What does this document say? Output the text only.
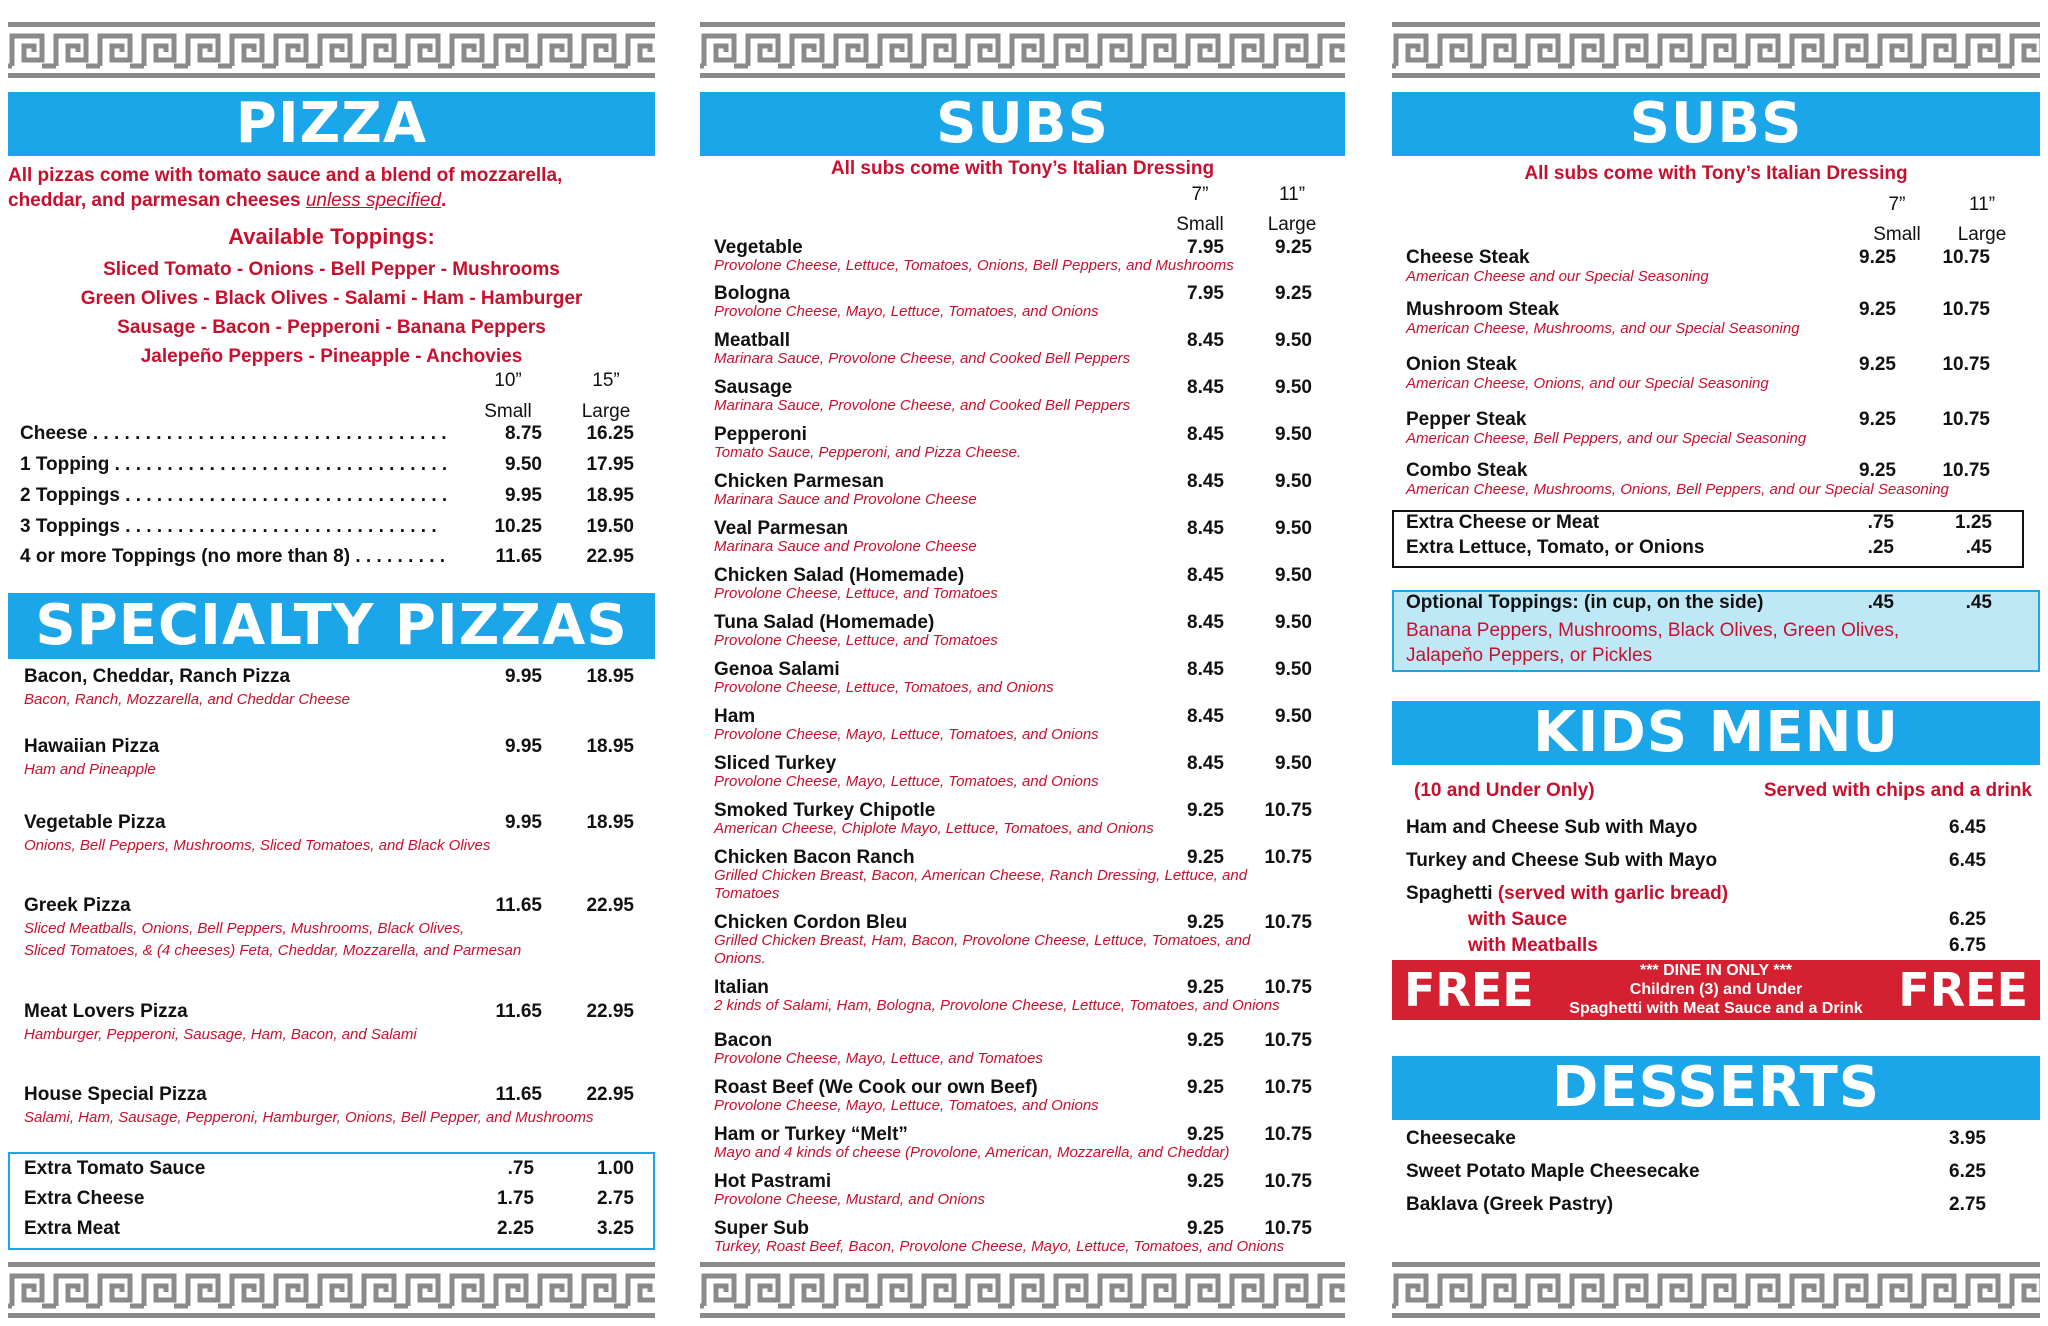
PIZZA
All pizzas come with tomato sauce and a blend of mozzarella,
cheddar, and parmesan cheeses unless specified.
Available Toppings:
Sliced Tomato - Onions - Bell Pepper - Mushrooms
Green Olives - Black Olives - Salami - Ham - Hamburger
Sausage - Bacon - Pepperoni - Banana Peppers
Jalepeño Peppers - Pineapple - Anchovies
10”	15”
Small	Large
Cheese . . . . . . . . . . . . . . . . . . . . . . . . . . . . . . . . . .	8.75	16.25
1 Topping . . . . . . . . . . . . . . . . . . . . . . . . . . . . . . . .	9.50	17.95
2 Toppings . . . . . . . . . . . . . . . . . . . . . . . . . . . . . . .	9.95	18.95
3 Toppings . . . . . . . . . . . . . . . . . . . . . . . . . . . . . .	10.25	19.50
4 or more Toppings (no more than 8) . . . . . . . . .	11.65	22.95
SPECIALTY PIZZAS
Bacon, Cheddar, Ranch Pizza	9.95	18.95
Bacon, Ranch, Mozzarella, and Cheddar Cheese
Hawaiian Pizza	9.95	18.95
Ham and Pineapple
Vegetable Pizza	9.95	18.95
Onions, Bell Peppers, Mushrooms, Sliced Tomatoes, and Black Olives
Greek Pizza	11.65	22.95
Sliced Meatballs, Onions, Bell Peppers, Mushrooms, Black Olives,
Sliced Tomatoes, & (4 cheeses) Feta, Cheddar, Mozzarella, and Parmesan
Meat Lovers Pizza	11.65	22.95
Hamburger, Pepperoni, Sausage, Ham, Bacon, and Salami
House Special Pizza	11.65	22.95
Salami, Ham, Sausage, Pepperoni, Hamburger, Onions, Bell Pepper, and Mushrooms
Extra Tomato Sauce	.75	1.00
Extra Cheese	1.75	2.75
Extra Meat	2.25	3.25
SUBS
All subs come with Tony’s Italian Dressing
7”	11”
Small	Large
Vegetable	7.95	9.25
Provolone Cheese, Lettuce, Tomatoes, Onions, Bell Peppers, and Mushrooms
Bologna	7.95	9.25
Provolone Cheese, Mayo, Lettuce, Tomatoes, and Onions
Meatball	8.45	9.50
Marinara Sauce, Provolone Cheese, and Cooked Bell Peppers
Sausage	8.45	9.50
Marinara Sauce, Provolone Cheese, and Cooked Bell Peppers
Pepperoni	8.45	9.50
Tomato Sauce, Pepperoni, and Pizza Cheese.
Chicken Parmesan	8.45	9.50
Marinara Sauce and Provolone Cheese
Veal Parmesan	8.45	9.50
Marinara Sauce and Provolone Cheese
Chicken Salad (Homemade)	8.45	9.50
Provolone Cheese, Lettuce, and Tomatoes
Tuna Salad (Homemade)	8.45	9.50
Provolone Cheese, Lettuce, and Tomatoes
Genoa Salami	8.45	9.50
Provolone Cheese, Lettuce, Tomatoes, and Onions
Ham	8.45	9.50
Provolone Cheese, Mayo, Lettuce, Tomatoes, and Onions
Sliced Turkey	8.45	9.50
Provolone Cheese, Mayo, Lettuce, Tomatoes, and Onions
Smoked Turkey Chipotle	9.25	10.75
American Cheese, Chiplote Mayo, Lettuce, Tomatoes, and Onions
Chicken Bacon Ranch	9.25	10.75
Grilled Chicken Breast, Bacon, American Cheese, Ranch Dressing, Lettuce, and
Tomatoes
Chicken Cordon Bleu	9.25	10.75
Grilled Chicken Breast, Ham, Bacon, Provolone Cheese, Lettuce, Tomatoes, and
Onions.
Italian	9.25	10.75
2 kinds of Salami, Ham, Bologna, Provolone Cheese, Lettuce, Tomatoes, and Onions
Bacon	9.25	10.75
Provolone Cheese, Mayo, Lettuce, and Tomatoes
Roast Beef (We Cook our own Beef)	9.25	10.75
Provolone Cheese, Mayo, Lettuce, Tomatoes, and Onions
Ham or Turkey “Melt”	9.25	10.75
Mayo and 4 kinds of cheese (Provolone, American, Mozzarella, and Cheddar)
Hot Pastrami	9.25	10.75
Provolone Cheese, Mustard, and Onions
Super Sub	9.25	10.75
Turkey, Roast Beef, Bacon, Provolone Cheese, Mayo, Lettuce, Tomatoes, and Onions
SUBS
All subs come with Tony’s Italian Dressing
7”	11”
Small	Large
Cheese Steak	9.25	10.75
American Cheese and our Special Seasoning
Mushroom Steak	9.25	10.75
American Cheese, Mushrooms, and our Special Seasoning
Onion Steak	9.25	10.75
American Cheese, Onions, and our Special Seasoning
Pepper Steak	9.25	10.75
American Cheese, Bell Peppers, and our Special Seasoning
Combo Steak	9.25	10.75
American Cheese, Mushrooms, Onions, Bell Peppers, and our Special Seasoning
Extra Cheese or Meat	.75	1.25
Extra Lettuce, Tomato, or Onions	.25	.45
Optional Toppings: (in cup, on the side)	.45	.45
Banana Peppers, Mushrooms, Black Olives, Green Olives,
Jalapeňo Peppers, or Pickles
KIDS MENU
(10 and Under Only)	Served with chips and a drink
Ham and Cheese Sub with Mayo	6.45
Turkey and Cheese Sub with Mayo	6.45
Spaghetti (served with garlic bread)
with Sauce	6.25
with Meatballs	6.75
FREE	FREE
*** DINE IN ONLY ***
Children (3) and Under
Spaghetti with Meat Sauce and a Drink
DESSERTS
Cheesecake	3.95
Sweet Potato Maple Cheesecake	6.25
Baklava (Greek Pastry)	2.75
